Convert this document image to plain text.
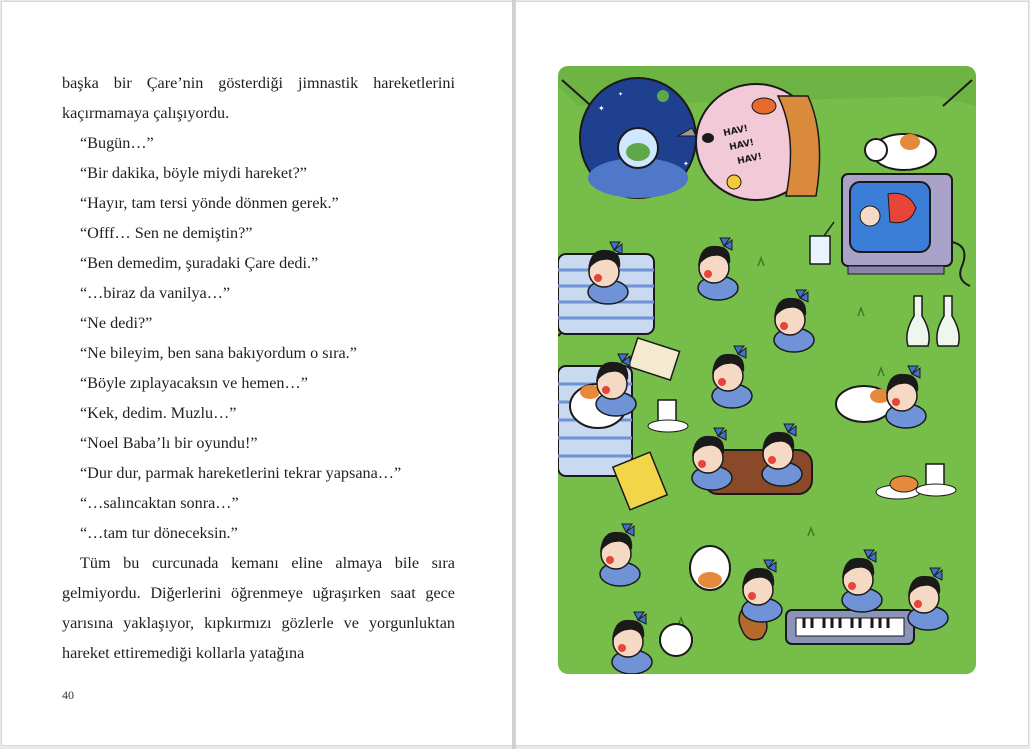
başka bir Çare’nin gösterdiği jimnastik hareketlerini kaçırmamaya çalışıyordu.

“Bugün…”

“Bir dakika, böyle miydi hareket?”

“Hayır, tam tersi yönde dönmen gerek.”

“Offf… Sen ne demiştin?”

“Ben demedim, şuradaki Çare dedi.”

“…biraz da vanilya…”

“Ne dedi?”

“Ne bileyim, ben sana bakıyordum o sıra.”

“Böyle zıplayacaksın ve hemen…”

“Kek, dedim. Muzlu…”

“Noel Baba’lı bir oyundu!”

“Dur dur, parmak hareketlerini tekrar yapsana…”

“…salıncaktan sonra…”

“…tam tur döneceksin.”

Tüm bu curcunada kemanı eline almaya bile sıra gelmiyordu. Diğerlerini öğrenmeye uğraşırken saat gece yarısına yaklaşıyor, kıpkırmızı gözlerle ve yorgunluktan hareket ettiremediği kollarla yatağına

40
✦
✦
✦
HAV!
HAV!
HAV!
